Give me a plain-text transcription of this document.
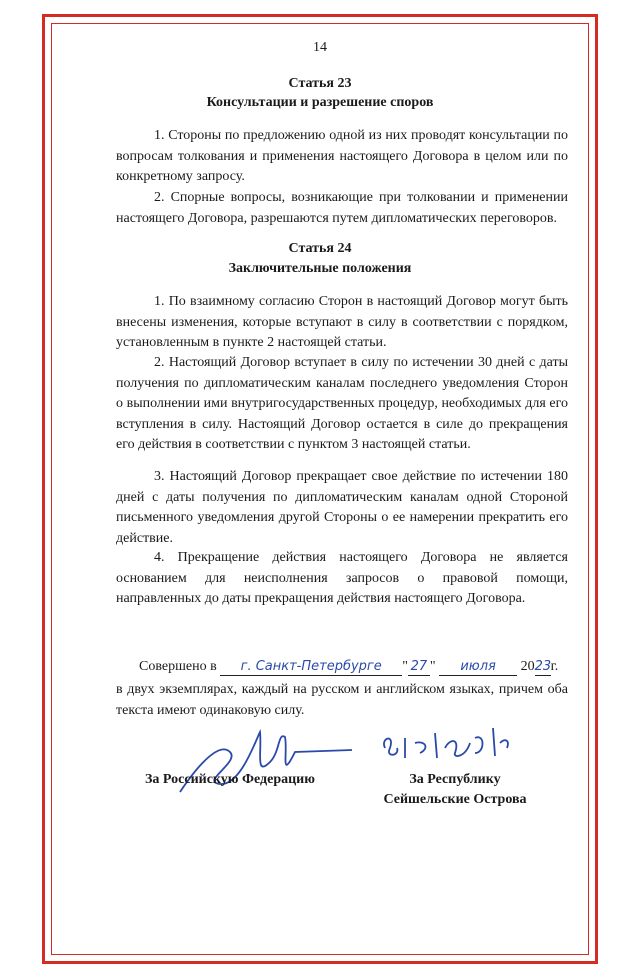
14
Статья 23
Консультации и разрешение споров
1. Стороны по предложению одной из них проводят консультации по вопросам толкования и применения настоящего Договора в целом или по конкретному запросу.
2. Спорные вопросы, возникающие при толковании и применении настоящего Договора, разрешаются путем дипломатических переговоров.
Статья 24
Заключительные положения
1. По взаимному согласию Сторон в настоящий Договор могут быть внесены изменения, которые вступают в силу в соответствии с порядком, установленным в пункте 2 настоящей статьи.
2. Настоящий Договор вступает в силу по истечении 30 дней с даты получения по дипломатическим каналам последнего уведомления Сторон о выполнении ими внутригосударственных процедур, необходимых для его вступления в силу. Настоящий Договор остается в силе до прекращения его действия в соответствии с пунктом 3 настоящей статьи.
3. Настоящий Договор прекращает свое действие по истечении 180 дней с даты получения по дипломатическим каналам одной Стороной письменного уведомления другой Стороны о ее намерении прекратить его действие.
4. Прекращение действия настоящего Договора не является основанием для неисполнения запросов о правовой помощи, направленных до даты прекращения действия настоящего Договора.
Совершено в г. Санкт-Петербурге " 27 " июля 2023г.
в двух экземплярах, каждый на русском и английском языках, причем оба текста имеют одинаковую силу.
За Российскую Федерацию	За Республику
Сейшельские Острова
